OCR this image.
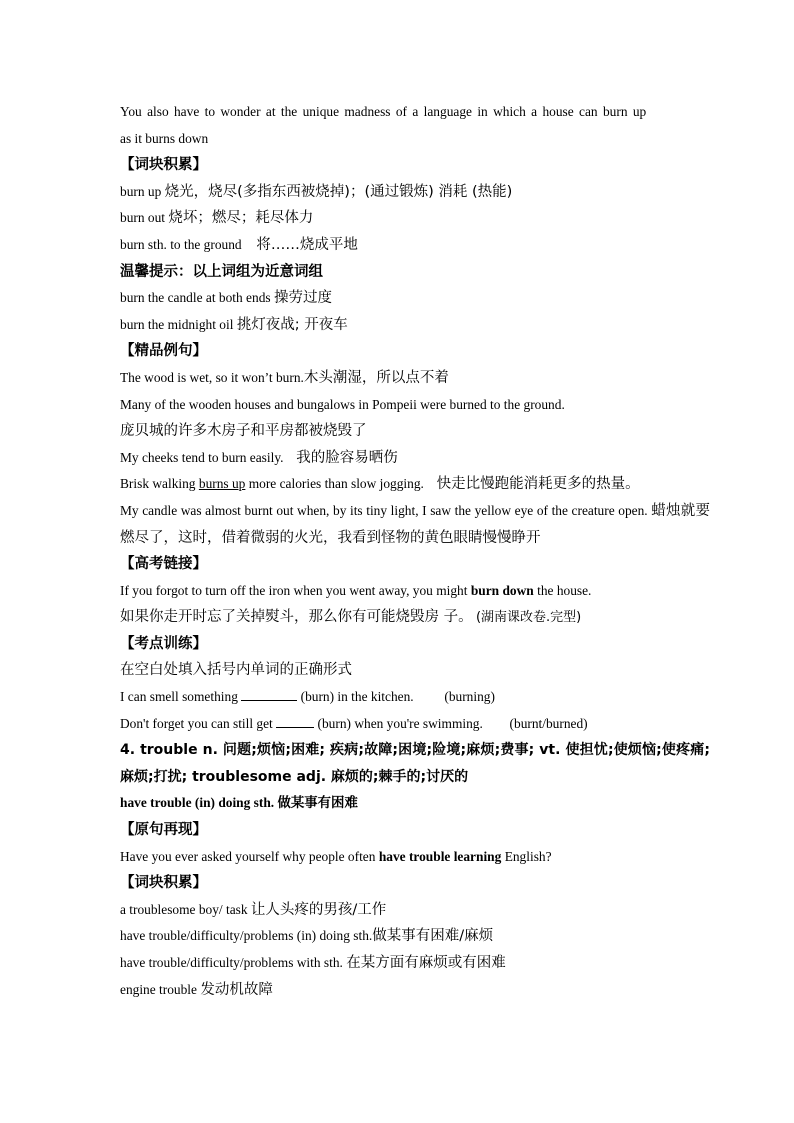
You also have to wonder at the unique madness of a language in which a house can burn up
as it burns down
【词块积累】
burn up 烧光，烧尽(多指东西被烧掉)；(通过锻炼) 消耗 (热能)
burn out 烧坏；燃尽；耗尽体力
burn sth. to the ground 将……烧成平地
温馨提示：以上词组为近意词组
burn the candle at both ends 操劳过度
burn the midnight oil 挑灯夜战; 开夜车
【精品例句】
The wood is wet, so it won’t burn.木头潮湿，所以点不着
Many of the wooden houses and bungalows in Pompeii were burned to the ground.
庞贝城的许多木房子和平房都被烧毁了
My cheeks tend to burn easily. 我的脸容易晒伤
Brisk walking burns up more calories than slow jogging. 快走比慢跑能消耗更多的热量。
My candle was almost burnt out when, by its tiny light, I saw the yellow eye of the creature open. 蜡烛就要燃尽了，这时，借着微弱的火光，我看到怪物的黄色眼睛慢慢睁开
【高考链接】
If you forgot to turn off the iron when you went away, you might burn down the house.
如果你走开时忘了关掉熨斗，那么你有可能烧毁房 子。 (湖南课改卷.完型)
【考点训练】
在空白处填入括号内单词的正确形式
I can smell something	(burn) in the kitchen. (burning)
Don't forget you can still get	(burn) when you're swimming. (burnt/burned)
4. trouble n. 问题;烦恼;困难; 疾病;故障;困境;险境;麻烦;费事; vt. 使担忧;使烦恼;使疼痛; 麻烦;打扰; troublesome adj. 麻烦的;棘手的;讨厌的
have trouble (in) doing sth. 做某事有困难
【原句再现】
Have you ever asked yourself why people often have trouble learning English?
【词块积累】
a troublesome boy/ task 让人头疼的男孩/工作
have trouble/difficulty/problems (in) doing sth.做某事有困难/麻烦
have trouble/difficulty/problems with sth. 在某方面有麻烦或有困难
engine trouble 发动机故障
